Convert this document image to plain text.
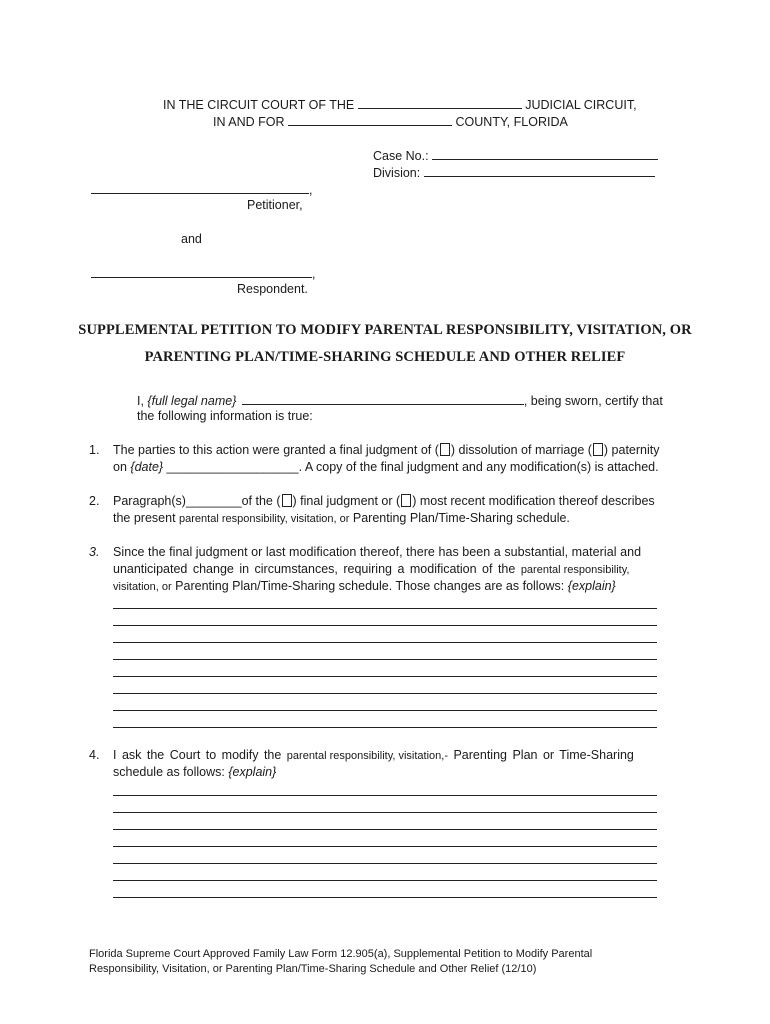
IN THE CIRCUIT COURT OF THE	JUDICIAL CIRCUIT,
IN AND FOR	COUNTY, FLORIDA
Case No.:
Division:
,
Petitioner,
and
,
Respondent.
SUPPLEMENTAL PETITION TO MODIFY PARENTAL RESPONSIBILITY, VISITATION, OR
PARENTING PLAN/TIME-SHARING SCHEDULE AND OTHER RELIEF
I, {full legal name}	, being sworn, certify that
the following information is true:
1. The parties to this action were granted a final judgment of ( ) dissolution of marriage ( ) paternity
on {date} ___________________. A copy of the final judgment and any modification(s) is attached.
2. Paragraph(s)________of the ( ) final judgment or ( ) most recent modification thereof describes
the present parental responsibility, visitation, or Parenting Plan/Time-Sharing schedule.
3. Since the final judgment or last modification thereof, there has been a substantial, material and
unanticipated change in circumstances, requiring a modification of the parental responsibility,
visitation, or Parenting Plan/Time-Sharing schedule. Those changes are as follows: {explain}
4. I ask the Court to modify the parental responsibility, visitation,- Parenting Plan or Time-Sharing
schedule as follows: {explain}
Florida Supreme Court Approved Family Law Form 12.905(a), Supplemental Petition to Modify Parental
Responsibility, Visitation, or Parenting Plan/Time-Sharing Schedule and Other Relief (12/10)
